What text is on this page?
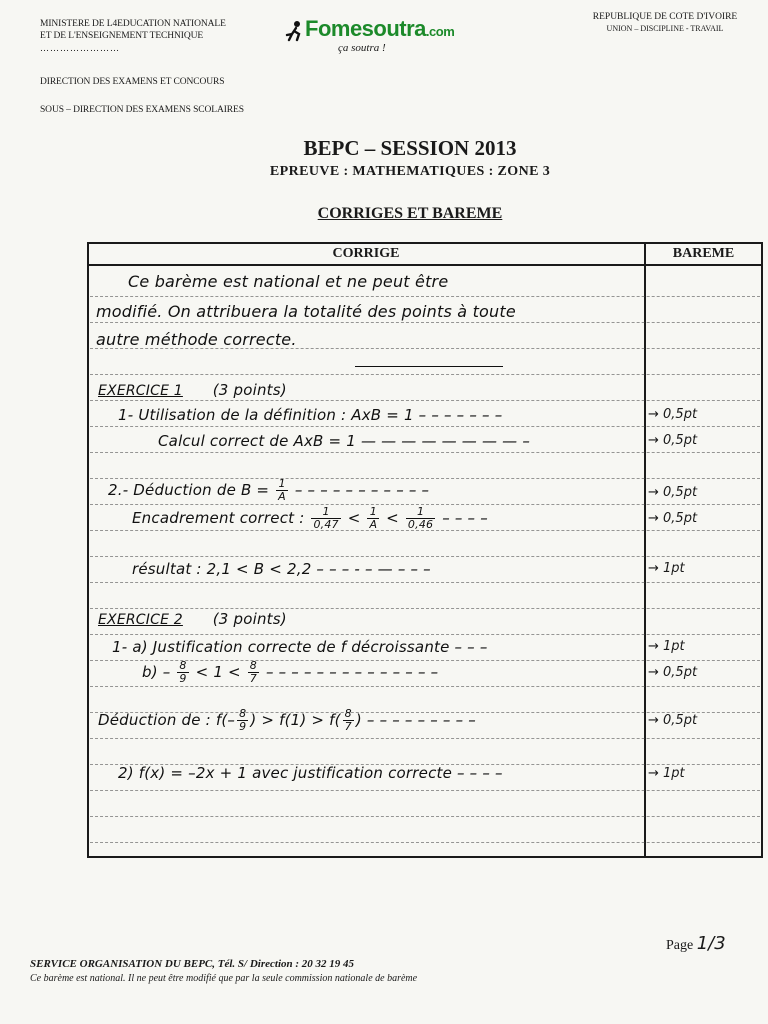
MINISTERE DE L4EDUCATION NATIONALE
ET DE L'ENSEIGNEMENT TECHNIQUE
……………………
DIRECTION DES EXAMENS ET CONCOURS
SOUS – DIRECTION DES EXAMENS SCOLAIRES
Fomesoutra.com
ça soutra !
REPUBLIQUE DE COTE D'IVOIRE
UNION – DISCIPLINE - TRAVAIL
BEPC – SESSION 2013
EPREUVE : MATHEMATIQUES : ZONE 3
CORRIGES ET BAREME
CORRIGE	BAREME
Ce barème est national et ne peut être
modifié. On attribuera la totalité des points à toute
autre méthode correcte.
EXERCICE 1 (3 points)
1- Utilisation de la définition : AxB = 1 – – – – – – –	→ 0,5pt
Calcul correct de AxB = 1 — — — — — — — — –	→ 0,5pt
2.- Déduction de $B = \frac{1}{A}$ – – – – – – – – – – –	→ 0,5pt
Encadrement correct : $\frac{1}{0,47} < \frac{1}{A} < \frac{1}{0,46}$ – – – –	→ 0,5pt
résultat : 2,1 < B < 2,2 – – – - – — – – –	→ 1pt
EXERCICE 2 (3 points)
1- a) Justification correcte de f décroissante – – –	→ 1pt
$b) - \frac{8}{9} < 1 < \frac{8}{7}$ – – – – – – – – – – – – – –	→ 0,5pt
Déduction de : $f(- \frac{8}{9}$ ) > $f(1) > f( \frac{8}{7}$ ) – – – – – – – – –	→ 0,5pt
2) f(x) = –2x + 1 avec justification correcte – – – –	→ 1pt
Page 1/3
SERVICE ORGANISATION DU BEPC, Tél. S/ Direction : 20 32 19 45
Ce barème est national. Il ne peut être modifié que par la seule commission nationale de barème
